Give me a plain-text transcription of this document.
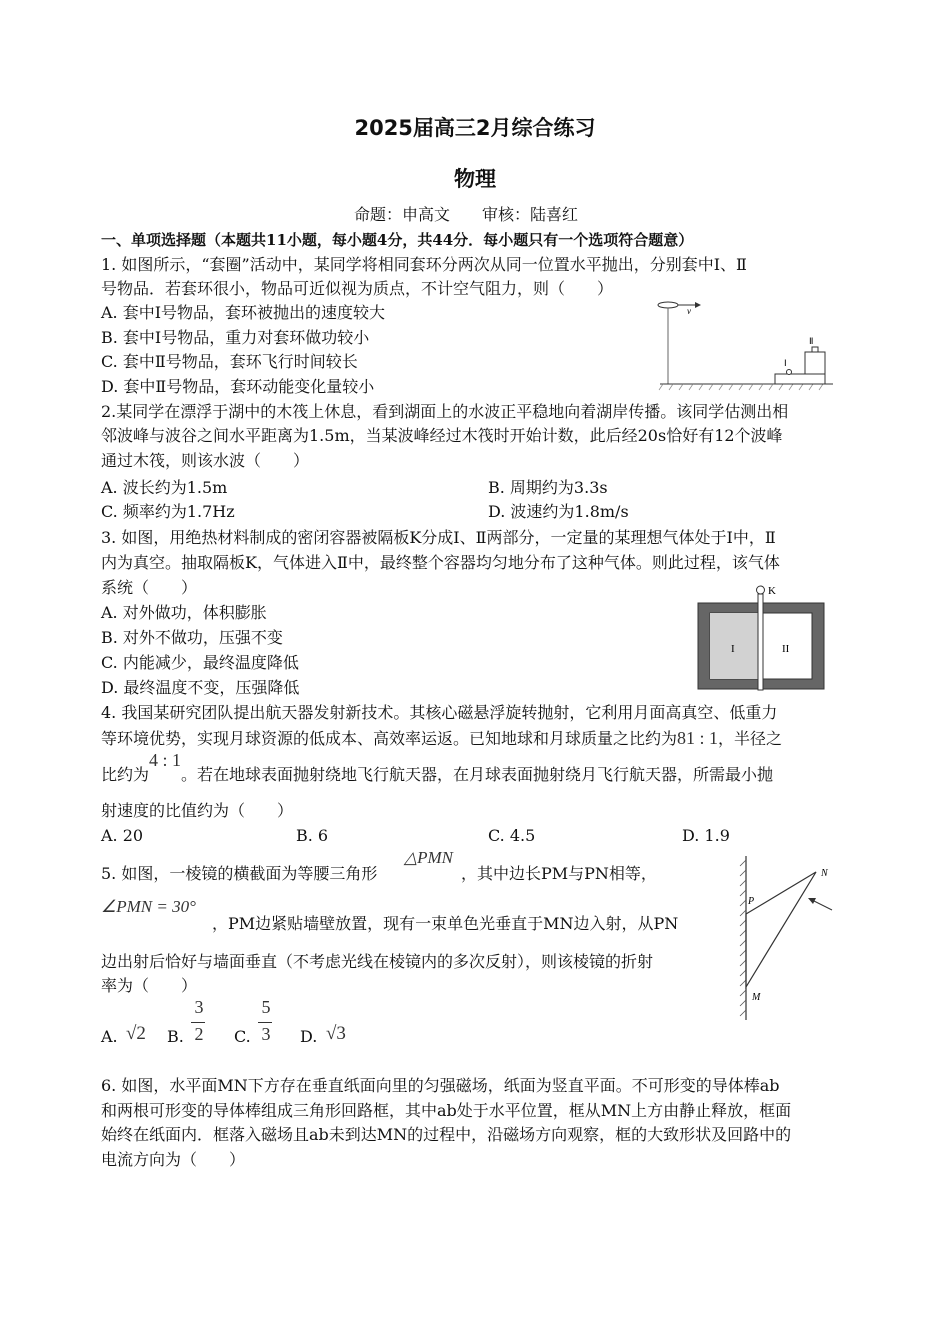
2025届高三2月综合练习
物理
命题：申高文　　审核：陆喜红
一、单项选择题（本题共11小题，每小题4分，共44分．每小题只有一个选项符合题意）
1. 如图所示，“套圈”活动中，某同学将相同套环分两次从同一位置水平抛出，分别套中Ⅰ、Ⅱ
号物品．若套环很小，物品可近似视为质点，不计空气阻力，则（　　）
A. 套中Ⅰ号物品，套环被抛出的速度较大
B. 套中Ⅰ号物品，重力对套环做功较小
C. 套中Ⅱ号物品，套环飞行时间较长
D. 套中Ⅱ号物品，套环动能变化量较小
v
Ⅰ
Ⅱ
2.某同学在漂浮于湖中的木筏上休息，看到湖面上的水波正平稳地向着湖岸传播。该同学估测出相
邻波峰与波谷之间水平距离为1.5m，当某波峰经过木筏时开始计数，此后经20s恰好有12个波峰
通过木筏，则该水波（　　）
A. 波长约为1.5m	B. 周期约为3.3s
C. 频率约为1.7Hz	D. 波速约为1.8m/s
3. 如图，用绝热材料制成的密闭容器被隔板K分成Ⅰ、Ⅱ两部分，一定量的某理想气体处于Ⅰ中，Ⅱ
内为真空。抽取隔板K，气体进入Ⅱ中，最终整个容器均匀地分布了这种气体。则此过程，该气体
系统（　　）
A. 对外做功，体积膨胀
B. 对外不做功，压强不变
C. 内能减少，最终温度降低
D. 最终温度不变，压强降低
K
I	II
4. 我国某研究团队提出航天器发射新技术。其核心磁悬浮旋转抛射，它利用月面高真空、低重力
等环境优势，实现月球资源的低成本、高效率运返。已知地球和月球质量之比约为81 : 1，半径之
比约为4 : 1。若在地球表面抛射绕地飞行航天器，在月球表面抛射绕月飞行航天器，所需最小抛
射速度的比值约为（　　）
A. 20	B. 6	C. 4.5	D. 1.9
5. 如图，一棱镜的横截面为等腰三角形
△PMN
，其中边长PM与PN相等，
∠PMN = 30°
，PM边紧贴墙壁放置，现有一束单色光垂直于MN边入射，从PN
边出射后恰好与墙面垂直（不考虑光线在棱镜内的多次反射），则该棱镜的折射
率为（　　）
A. √2 B.
3
2 C.
5
3 D. √3
P
N
M
6. 如图，水平面MN下方存在垂直纸面向里的匀强磁场，纸面为竖直平面。不可形变的导体棒ab
和两根可形变的导体棒组成三角形回路框，其中ab处于水平位置，框从MN上方由静止释放，框面
始终在纸面内．框落入磁场且ab未到达MN的过程中，沿磁场方向观察，框的大致形状及回路中的
电流方向为（　　）
